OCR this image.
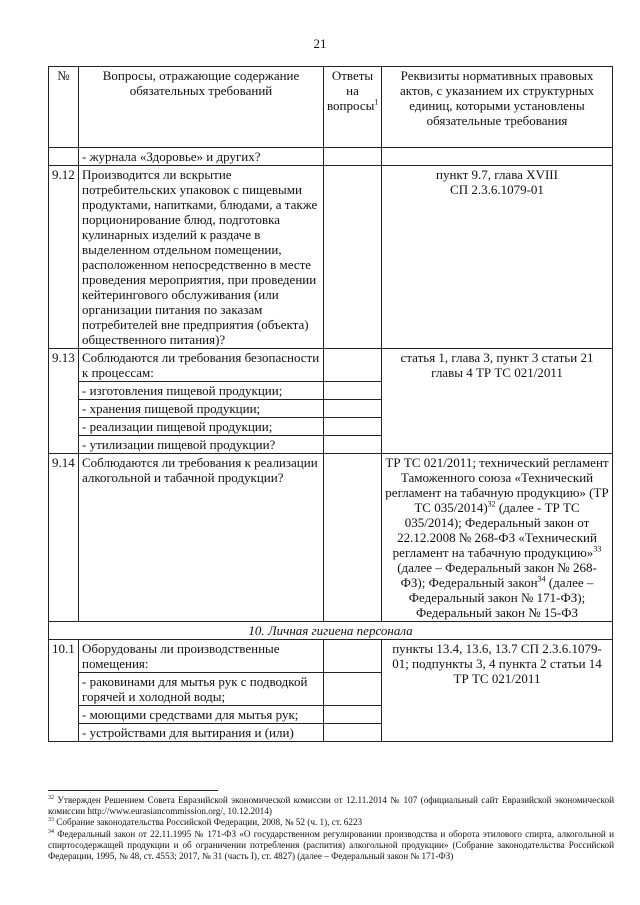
21
№	Вопросы, отражающие содержание обязательных требований	Ответы на вопросы$^1$	Реквизиты нормативных правовых актов, с указанием их структурных единиц, которыми установлены обязательные требования
	- журнала «Здоровье» и других?		
9.12	Производится ли вскрытие потребительских упаковок с пищевыми продуктами, напитками, блюдами, а также порционирование блюд, подготовка кулинарных изделий к раздаче в выделенном отдельном помещении, расположенном непосредственно в месте проведения мероприятия, при проведении кейтерингового обслуживания (или организации питания по заказам потребителей вне предприятия (объекта) общественного питания)?		пункт 9.7, глава XVIII
СП 2.3.6.1079-01

9.13	Соблюдаются ли требования безопасности к процессам:		статья 1, глава 3, пункт 3 статьи 21 главы 4 ТР ТС 021/2011
	- изготовления пищевой продукции;		
	- хранения пищевой продукции;		
	- реализации пищевой продукции;		
	- утилизации пищевой продукции?		
9.14	Соблюдаются ли требования к реализации алкогольной и табачной продукции?		ТР ТС 021/2011; технический регламент Таможенного союза «Технический регламент на табачную продукцию» (ТР ТС 035/2014)$^{32}$ (далее - ТР ТС 035/2014); Федеральный закон от 22.12.2008 № 268-ФЗ «Технический регламент на табачную продукцию»$^{33}$ (далее – Федеральный закон № 268-ФЗ); Федеральный закон$^{34}$ (далее – Федеральный закон № 171-ФЗ); Федеральный закон № 15-ФЗ
10. Личная гигиена персонала			
10.1	Оборудованы ли производственные помещения:		пункты 13.4, 13.6, 13.7 СП 2.3.6.1079-01; подпункты 3, 4 пункта 2 статьи 14 ТР ТС 021/2011
	- раковинами для мытья рук с подводкой горячей и холодной воды;		
	- моющими средствами для мытья рук;		
	- устройствами для вытирания и (или)		

$^{32}$ Утвержден Решением Совета Евразийской экономической комиссии от 12.11.2014 № 107 (официальный сайт Евразийской экономической комиссии http://www.eurasiancommission.org/, 10.12.2014)

$^{33}$ Собрание законодательства Российской Федерации, 2008, № 52 (ч. 1), ст. 6223

$^{34}$ Федеральный закон от 22.11.1995 № 171-ФЗ «О государственном регулировании производства и оборота этилового спирта, алкогольной и спиртосодержащей продукции и об ограничении потребления (распития) алкогольной продукции» (Собрание законодательства Российской Федерации, 1995, № 48, ст. 4553; 2017, № 31 (часть I), ст. 4827) (далее – Федеральный закон № 171-ФЗ)
